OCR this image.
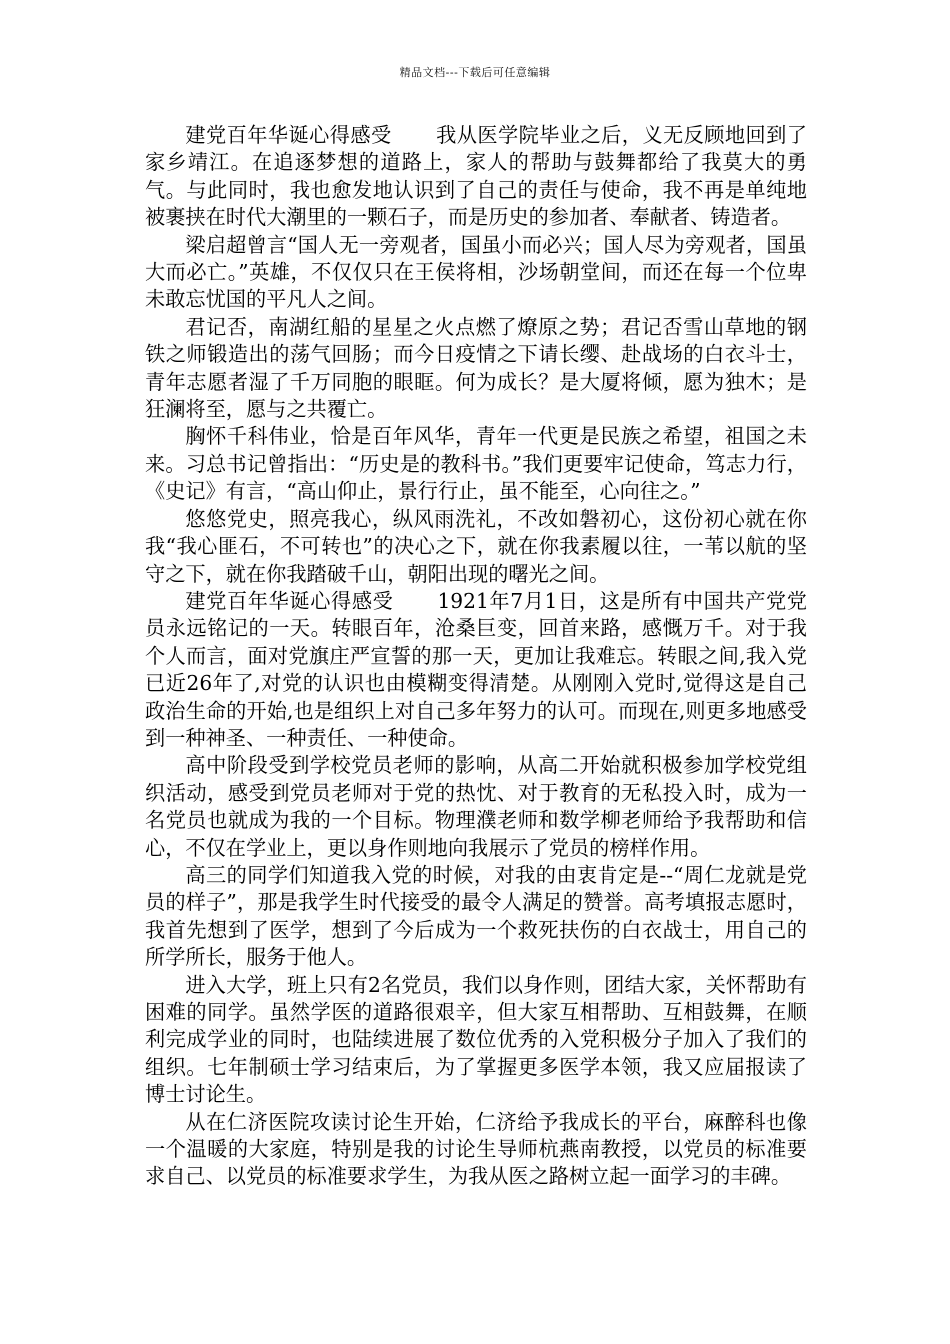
精品文档---下载后可任意编辑

建党百年华诞心得感受 我从医学院毕业之后，义无反顾地回到了家乡靖江。在追逐梦想的道路上，家人的帮助与鼓舞都给了我莫大的勇气。与此同时，我也愈发地认识到了自己的责任与使命，我不再是单纯地被裹挟在时代大潮里的一颗石子，而是历史的参加者、奉献者、铸造者。

梁启超曾言“国人无一旁观者，国虽小而必兴；国人尽为旁观者，国虽大而必亡。”英雄，不仅仅只在王侯将相，沙场朝堂间，而还在每一个位卑未敢忘忧国的平凡人之间。

君记否，南湖红船的星星之火点燃了燎原之势；君记否雪山草地的钢铁之师锻造出的荡气回肠；而今日疫情之下请长缨、赴战场的白衣斗士，青年志愿者湿了千万同胞的眼眶。何为成长？是大厦将倾，愿为独木；是狂澜将至，愿与之共覆亡。

胸怀千科伟业，恰是百年风华，青年一代更是民族之希望，祖国之未来。习总书记曾指出：“历史是的教科书。”我们更要牢记使命，笃志力行，《史记》有言，“高山仰止，景行行止，虽不能至，心向往之。”

悠悠党史，照亮我心，纵风雨洗礼，不改如磐初心，这份初心就在你我“我心匪石，不可转也”的决心之下，就在你我素履以往，一苇以航的坚守之下，就在你我踏破千山，朝阳出现的曙光之间。

建党百年华诞心得感受 1921年7月1日，这是所有中国共产党党员永远铭记的一天。转眼百年，沧桑巨变，回首来路，感慨万千。对于我个人而言，面对党旗庄严宣誓的那一天，更加让我难忘。转眼之间,我入党已近26年了,对党的认识也由模糊变得清楚。从刚刚入党时,觉得这是自己政治生命的开始,也是组织上对自己多年努力的认可。而现在,则更多地感受到一种神圣、一种责任、一种使命。

高中阶段受到学校党员老师的影响，从高二开始就积极参加学校党组织活动，感受到党员老师对于党的热忱、对于教育的无私投入时，成为一名党员也就成为我的一个目标。物理濮老师和数学柳老师给予我帮助和信心，不仅在学业上，更以身作则地向我展示了党员的榜样作用。

高三的同学们知道我入党的时候，对我的由衷肯定是--“周仁龙就是党员的样子”，那是我学生时代接受的最令人满足的赞誉。高考填报志愿时，我首先想到了医学，想到了今后成为一个救死扶伤的白衣战士，用自己的所学所长，服务于他人。

进入大学，班上只有2名党员，我们以身作则，团结大家，关怀帮助有困难的同学。虽然学医的道路很艰辛，但大家互相帮助、互相鼓舞，在顺利完成学业的同时，也陆续进展了数位优秀的入党积极分子加入了我们的组织。七年制硕士学习结束后，为了掌握更多医学本领，我又应届报读了博士讨论生。

从在仁济医院攻读讨论生开始，仁济给予我成长的平台，麻醉科也像一个温暖的大家庭，特别是我的讨论生导师杭燕南教授，以党员的标准要求自己、以党员的标准要求学生，为我从医之路树立起一面学习的丰碑。
